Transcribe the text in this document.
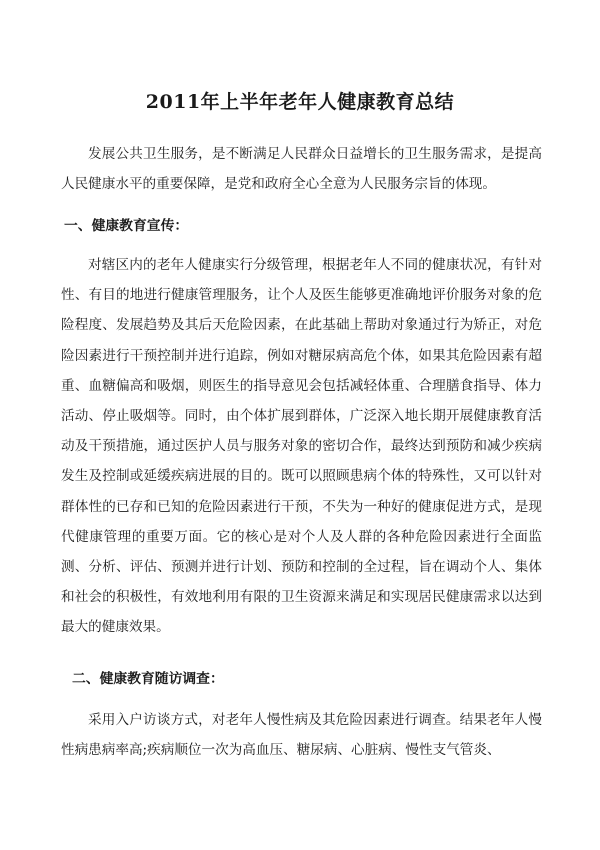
2011年上半年老年人健康教育总结

发展公共卫生服务，是不断满足人民群众日益增长的卫生服务需求，是提高人民健康水平的重要保障，是党和政府全心全意为人民服务宗旨的体现。

一、健康教育宣传：

对辖区内的老年人健康实行分级管理，根据老年人不同的健康状况，有针对性、有目的地进行健康管理服务，让个人及医生能够更准确地评价服务对象的危险程度、发展趋势及其后天危险因素，在此基础上帮助对象通过行为矫正，对危险因素进行干预控制并进行追踪，例如对糖尿病高危个体，如果其危险因素有超重、血糖偏高和吸烟，则医生的指导意见会包括减轻体重、合理膳食指导、体力活动、停止吸烟等。同时，由个体扩展到群体，广泛深入地长期开展健康教育活动及干预措施，通过医护人员与服务对象的密切合作，最终达到预防和减少疾病发生及控制或延缓疾病进展的目的。既可以照顾患病个体的特殊性，又可以针对群体性的已存和已知的危险因素进行干预，不失为一种好的健康促进方式，是现代健康管理的重要万面。它的核心是对个人及人群的各种危险因素进行全面监测、分析、评估、预测并进行计划、预防和控制的全过程，旨在调动个人、集体和社会的积极性，有效地利用有限的卫生资源来满足和实现居民健康需求以达到最大的健康效果。

二、健康教育随访调查：

采用入户访谈方式，对老年人慢性病及其危险因素进行调查。结果老年人慢性病患病率高;疾病顺位一次为高血压、糖尿病、心脏病、慢性支气管炎、
